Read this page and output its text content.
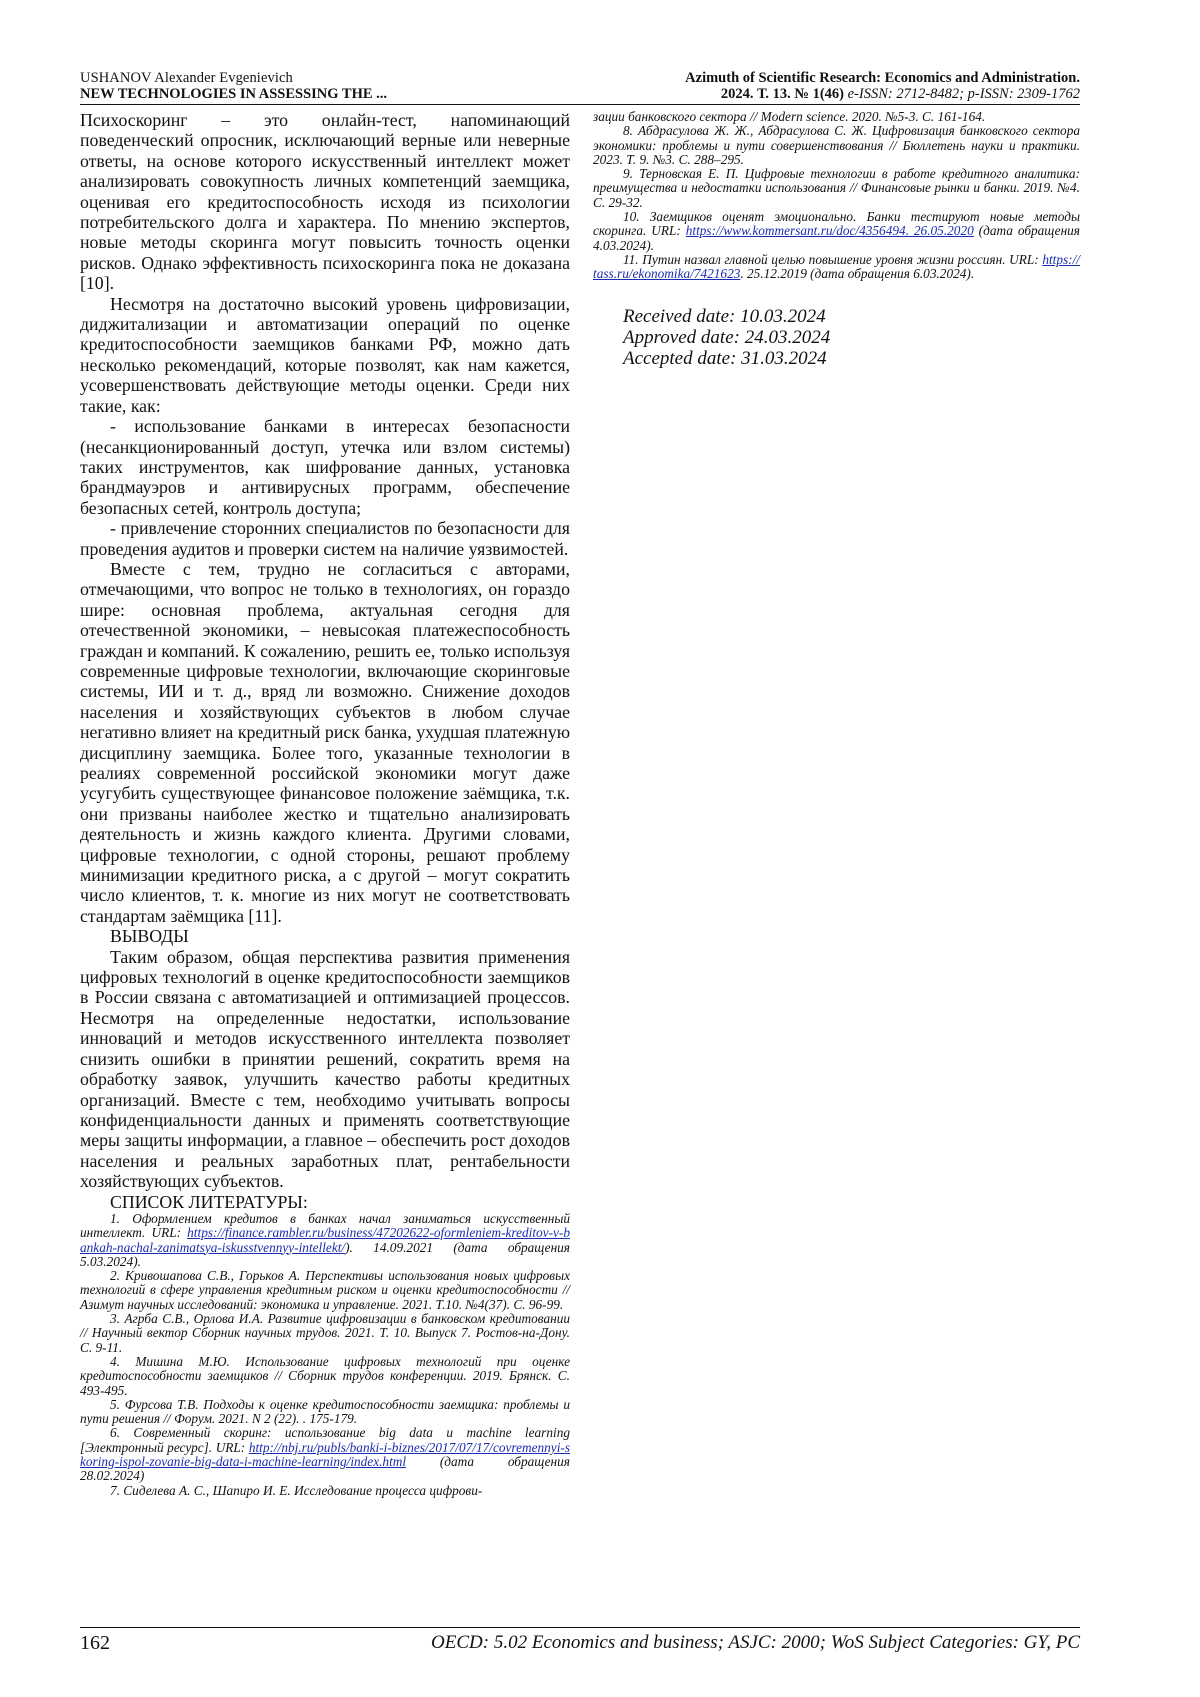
USHANOV Alexander Evgenievich
NEW TECHNOLOGIES IN ASSESSING THE ...
Azimuth of Scientific Research: Economics and Administration.
2024. Т. 13. № 1(46) e-ISSN: 2712-8482; p-ISSN: 2309-1762

Психоскоринг – это онлайн-тест, напоминающий поведенческий опросник, исключающий верные или неверные ответы, на основе которого искусственный интеллект может анализировать совокупность личных компетенций заемщика, оценивая его кредитоспособность исходя из психологии потребительского долга и характера. По мнению экспертов, новые методы скоринга могут повысить точность оценки рисков. Однако эффективность психоскоринга пока не доказана [10].

Несмотря на достаточно высокий уровень цифровизации, диджитализации и автоматизации операций по оценке кредитоспособности заемщиков банками РФ, можно дать несколько рекомендаций, которые позволят, как нам кажется, усовершенствовать действующие методы оценки. Среди них такие, как:

- использование банками в интересах безопасности (несанкционированный доступ, утечка или взлом системы) таких инструментов, как шифрование данных, установка брандмауэров и антивирусных программ, обеспечение безопасных сетей, контроль доступа;

- привлечение сторонних специалистов по безопасности для проведения аудитов и проверки систем на наличие уязвимостей.

Вместе с тем, трудно не согласиться с авторами, отмечающими, что вопрос не только в технологиях, он гораздо шире: основная проблема, актуальная сегодня для отечественной экономики, – невысокая платежеспособность граждан и компаний. К сожалению, решить ее, только используя современные цифровые технологии, включающие скоринговые системы, ИИ и т. д., вряд ли возможно. Снижение доходов населения и хозяйствующих субъектов в любом случае негативно влияет на кредитный риск банка, ухудшая платежную дисциплину заемщика. Более того, указанные технологии в реалиях современной российской экономики могут даже усугубить существующее финансовое положение заёмщика, т.к. они призваны наиболее жестко и тщательно анализировать деятельность и жизнь каждого клиента. Другими словами, цифровые технологии, с одной стороны, решают проблему минимизации кредитного риска, а с другой – могут сократить число клиентов, т. к. многие из них могут не соответствовать стандартам заёмщика [11].

ВЫВОДЫ

Таким образом, общая перспектива развития применения цифровых технологий в оценке кредитоспособности заемщиков в России связана с автоматизацией и оптимизацией процессов. Несмотря на определенные недостатки, использование инноваций и методов искусственного интеллекта позволяет снизить ошибки в принятии решений, сократить время на обработку заявок, улучшить качество работы кредитных организаций. Вместе с тем, необходимо учитывать вопросы конфиденциальности данных и применять соответствующие меры защиты информации, а главное – обеспечить рост доходов населения и реальных заработных плат, рентабельности хозяйствующих субъектов.

СПИСОК ЛИТЕРАТУРЫ:

1. Оформлением кредитов в банках начал заниматься искусственный интеллект. URL: https://finance.rambler.ru/business/47202622-oformleniem-kreditov-v-bankah-nachal-zanimatsya-iskusstvennyy-intellekt/). 14.09.2021 (дата обращения 5.03.2024).

2. Кривошапова С.В., Горьков А. Перспективы использования новых цифровых технологий в сфере управления кредитным риском и оценки кредитоспособности // Азимут научных исследований: экономика и управление. 2021. Т.10. №4(37). С. 96-99.

3. Агрба С.В., Орлова И.А. Развитие цифровизации в банковском кредитовании // Научный вектор Сборник научных трудов. 2021. Т. 10. Выпуск 7. Ростов-на-Дону. С. 9-11.

4. Мишина М.Ю. Использование цифровых технологий при оценке кредитоспособности заемщиков // Сборник трудов конференции. 2019. Брянск. С. 493-495.

5. Фурсова Т.В. Подходы к оценке кредитоспособности заемщика: проблемы и пути решения // Форум. 2021. N 2 (22). . 175-179.

6. Современный скоринг: использование big data и machine learning [Электронный ресурс]. URL: http://nbj.ru/publs/banki-i-biznes/2017/07/17/covremennyi-skoring-ispol-zovanie-big-data-i-machine-learning/index.html (дата обращения 28.02.2024)

7. Сиделева А. С., Шапиро И. Е. Исследование процесса цифрови-

зации банковского сектора // Modern science. 2020. №5-3. С. 161-164.

8. Абдрасулова Ж. Ж., Абдрасулова С. Ж. Цифровизация банковского сектора экономики: проблемы и пути совершенствования // Бюллетень науки и практики. 2023. Т. 9. №3. С. 288–295.

9. Терновская Е. П. Цифровые технологии в работе кредитного аналитика: преимущества и недостатки использования // Финансовые рынки и банки. 2019. №4. С. 29-32.

10. Заемщиков оценят эмоционально. Банки тестируют новые методы скоринга. URL: https://www.kommersant.ru/doc/4356494. 26.05.2020 (дата обращения 4.03.2024).

11. Путин назвал главной целью повышение уровня жизни россиян. URL: https://tass.ru/ekonomika/7421623. 25.12.2019 (дата обращения 6.03.2024).

Received date: 10.03.2024
Approved date: 24.03.2024
Accepted date: 31.03.2024
162	OECD: 5.02 Economics and business; ASJC: 2000; WoS Subject Categories: GY, PC
